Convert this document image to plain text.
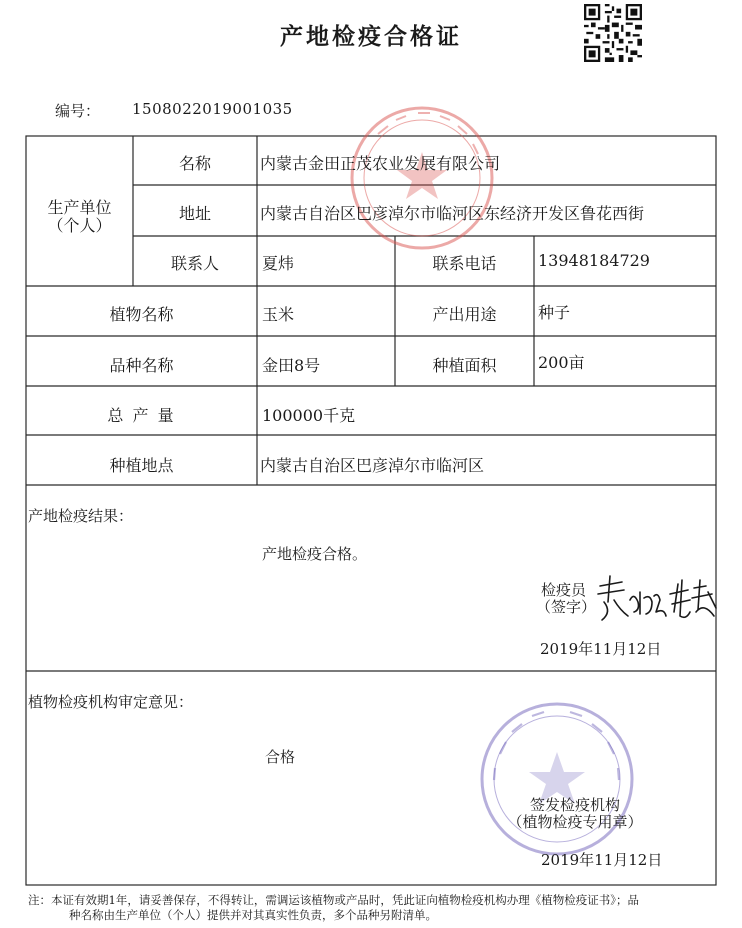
产地检疫合格证
编号： 1508022019001035
名称	内蒙古金田正茂农业发展有限公司
生产单位
（个人）
地址	内蒙古自治区巴彦淖尔市临河区东经济开发区鲁花西街
联系人	夏炜	联系电话	13948184729
植物名称	玉米	产出用途	种子
品种名称	金田8号	种植面积	200亩
总 产 量	100000千克
种植地点	内蒙古自治区巴彦淖尔市临河区
产地检疫结果：
产地检疫合格。
检疫员
（签字）
2019年11月12日
植物检疫机构审定意见：
合格
签发检疫机构
（植物检疫专用章）
2019年11月12日
注：本证有效期1年，请妥善保存，不得转让，需调运该植物或产品时，凭此证向植物检疫机构办理《植物检疫证书》；品
种名称由生产单位（个人）提供并对其真实性负责，多个品种另附清单。
